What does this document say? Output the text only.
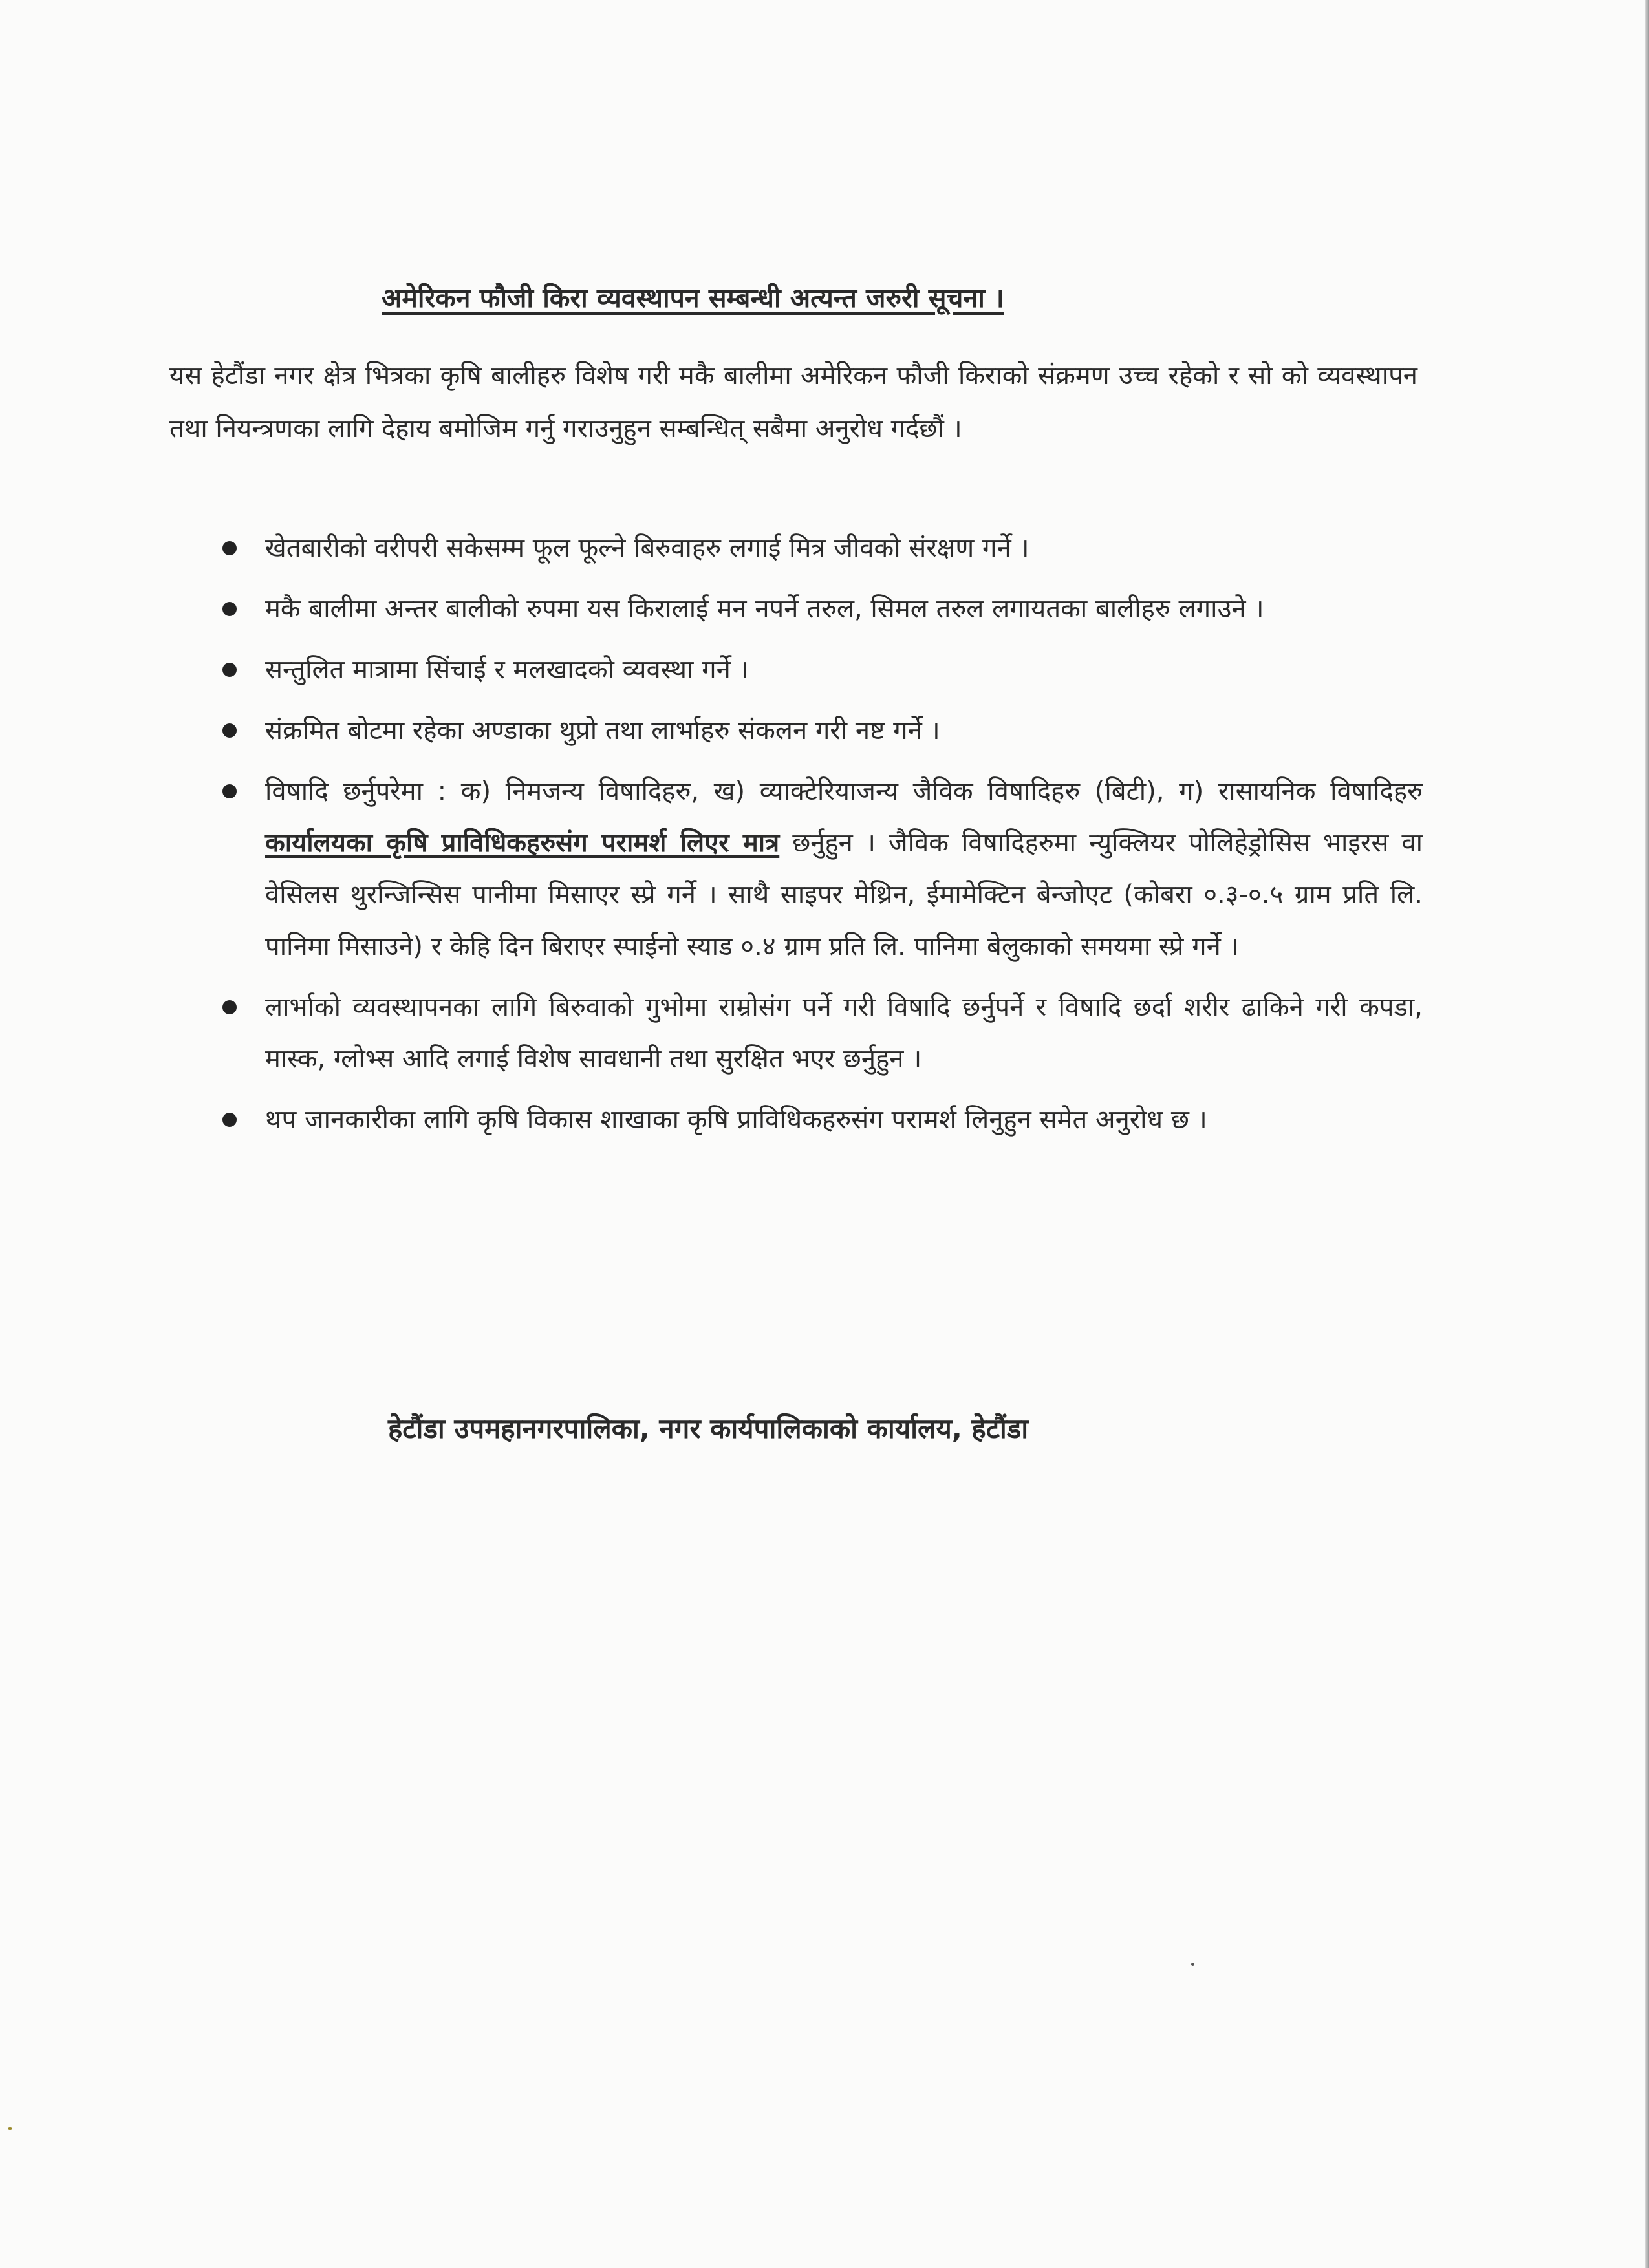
अमेरिकन फौजी किरा व्यवस्थापन सम्बन्धी अत्यन्त जरुरी सूचना ।
यस हेटौंडा नगर क्षेत्र भित्रका कृषि बालीहरु विशेष गरी मकै बालीमा अमेरिकन फौजी किराको संक्रमण उच्च रहेको र सो को व्यवस्थापन तथा नियन्त्रणका लागि देहाय बमोजिम गर्नु गराउनुहुन सम्बन्धित् सबैमा अनुरोध गर्दछौं ।
खेतबारीको वरीपरी सकेसम्म फूल फूल्ने बिरुवाहरु लगाई मित्र जीवको संरक्षण गर्ने ।
मकै बालीमा अन्तर बालीको रुपमा यस किरालाई मन नपर्ने तरुल, सिमल तरुल लगायतका बालीहरु लगाउने ।
सन्तुलित मात्रामा सिंचाई र मलखादको व्यवस्था गर्ने ।
संक्रमित बोटमा रहेका अण्डाका थुप्रो तथा लार्भाहरु संकलन गरी नष्ट गर्ने ।
विषादि छर्नुपरेमा : क) निमजन्य विषादिहरु, ख) व्याक्टेरियाजन्य जैविक विषादिहरु (बिटी), ग) रासायनिक विषादिहरु कार्यालयका कृषि प्राविधिकहरुसंग परामर्श लिएर मात्र छर्नुहुन । जैविक विषादिहरुमा न्युक्लियर पोलिहेड्रोसिस भाइरस वा वेसिलस थुरन्जिन्सिस पानीमा मिसाएर स्प्रे गर्ने । साथै साइपर मेथ्रिन, ईमामेक्टिन बेन्जोएट (कोबरा ०.३-०.५ ग्राम प्रति लि. पानिमा मिसाउने) र केहि दिन बिराएर स्पाईनो स्याड ०.४ ग्राम प्रति लि. पानिमा बेलुकाको समयमा स्प्रे गर्ने ।
लार्भाको व्यवस्थापनका लागि बिरुवाको गुभोमा राम्रोसंग पर्ने गरी विषादि छर्नुपर्ने र विषादि छर्दा शरीर ढाकिने गरी कपडा, मास्क, ग्लोभ्स आदि लगाई विशेष सावधानी तथा सुरक्षित भएर छर्नुहुन ।
थप जानकारीका लागि कृषि विकास शाखाका कृषि प्राविधिकहरुसंग परामर्श लिनुहुन समेत अनुरोध छ ।
हेटौंडा उपमहानगरपालिका, नगर कार्यपालिकाको कार्यालय, हेटौंडा
